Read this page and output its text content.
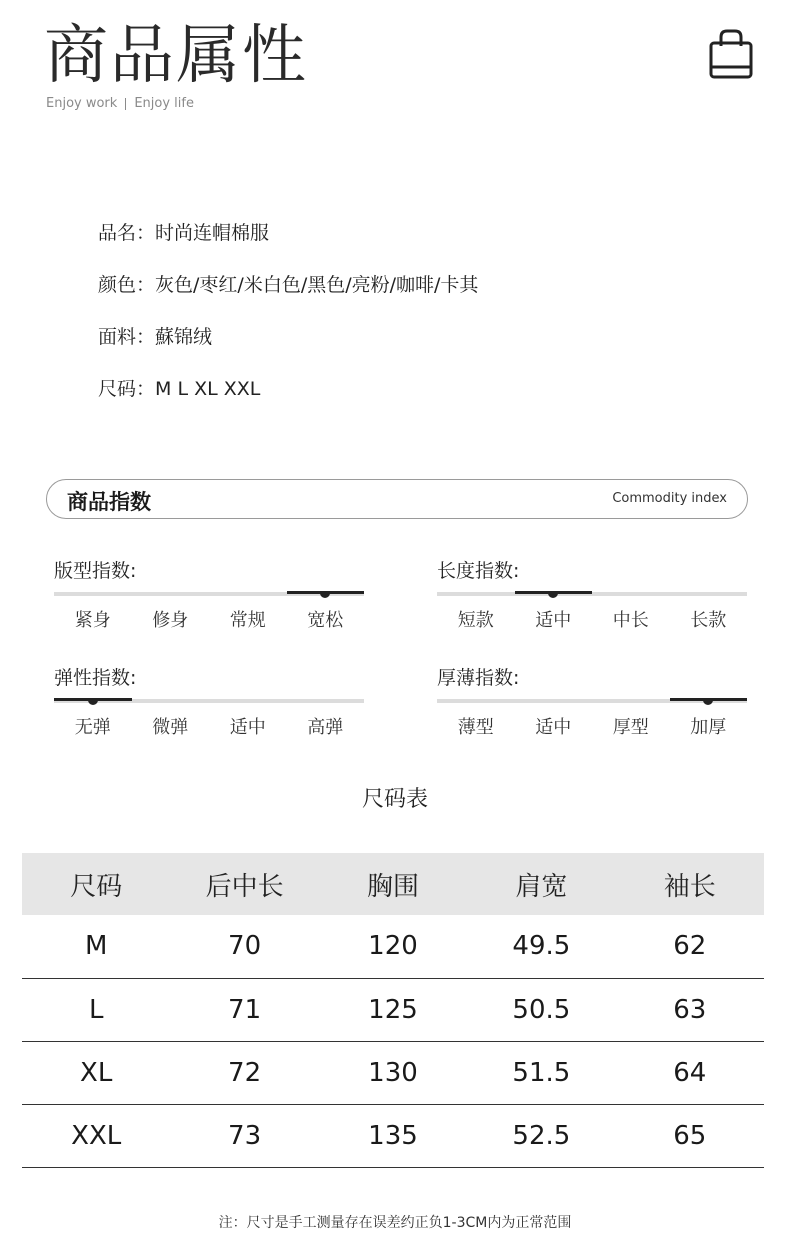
商品属性
Enjoy work Enjoy life
品名：时尚连帽棉服
颜色：灰色/枣红/米白色/黑色/亮粉/咖啡/卡其
面料：蘇锦绒
尺码：M L XL XXL
商品指数	Commodity index
版型指数:
紧身	修身	常规	宽松
长度指数:
短款	适中	中长	长款
弹性指数:
无弹	微弹	适中	高弹
厚薄指数:
薄型	适中	厚型	加厚
尺码表
尺码	后中长	胸围	肩宽	袖长
M	70	120	49.5	62
L	71	125	50.5	63
XL	72	130	51.5	64
XXL	73	135	52.5	65
注：尺寸是手工测量存在误差约正负1-3CM内为正常范围
